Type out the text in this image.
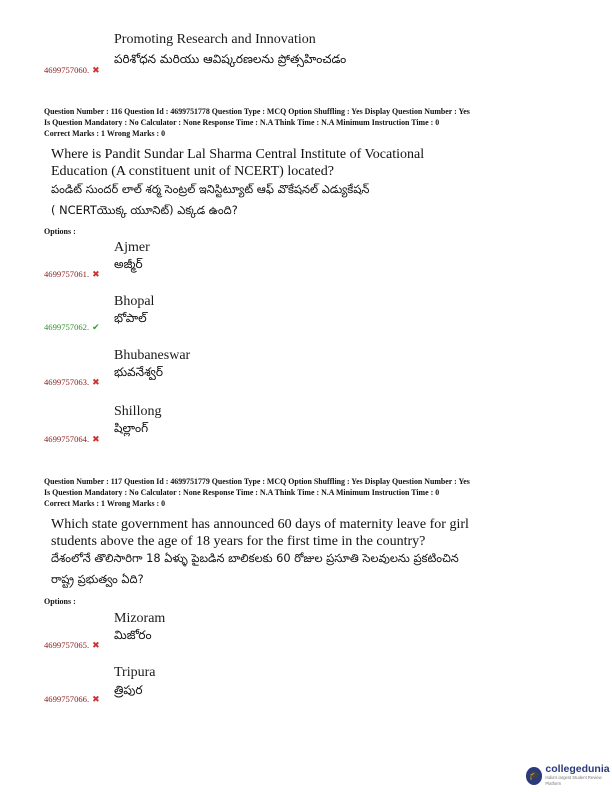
Promoting Research and Innovation
పరిశోధన మరియు ఆవిష్కరణలను ప్రోత్సహించడం
4699757060. ✖
Question Number : 116 Question Id : 4699751778 Question Type : MCQ Option Shuffling : Yes Display Question Number : Yes
Is Question Mandatory : No Calculator : None Response Time : N.A Think Time : N.A Minimum Instruction Time : 0
Correct Marks : 1 Wrong Marks : 0
Where is Pandit Sundar Lal Sharma Central Institute of Vocational
Education (A constituent unit of NCERT) located?
పండిట్ సుందర్ లాల్ శర్మ సెంట్రల్ ఇనిస్టిట్యూట్ ఆఫ్ వొకేషనల్ ఎడ్యుకేషన్
( NCERTయొక్క యూనిట్) ఎక్కడ ఉంది?
Options :
Ajmer
అజ్మీర్
4699757061. ✖
Bhopal
భోపాల్
4699757062. ✔
Bhubaneswar
భువనేశ్వర్
4699757063. ✖
Shillong
షిల్లాంగ్
4699757064. ✖
Question Number : 117 Question Id : 4699751779 Question Type : MCQ Option Shuffling : Yes Display Question Number : Yes
Is Question Mandatory : No Calculator : None Response Time : N.A Think Time : N.A Minimum Instruction Time : 0
Correct Marks : 1 Wrong Marks : 0
Which state government has announced 60 days of maternity leave for girl
students above the age of 18 years for the first time in the country?
దేశంలోనే తొలిసారిగా 18 ఏళ్ళు పైబడిన బాలికలకు 60 రోజుల ప్రసూతి సెలవులను ప్రకటించిన
రాష్ట్ర ప్రభుత్వం ఏది?
Options :
Mizoram
మిజోరం
4699757065. ✖
Tripura
త్రిపుర
4699757066. ✖
🎓
collegedunia
India's largest Student Review Platform
